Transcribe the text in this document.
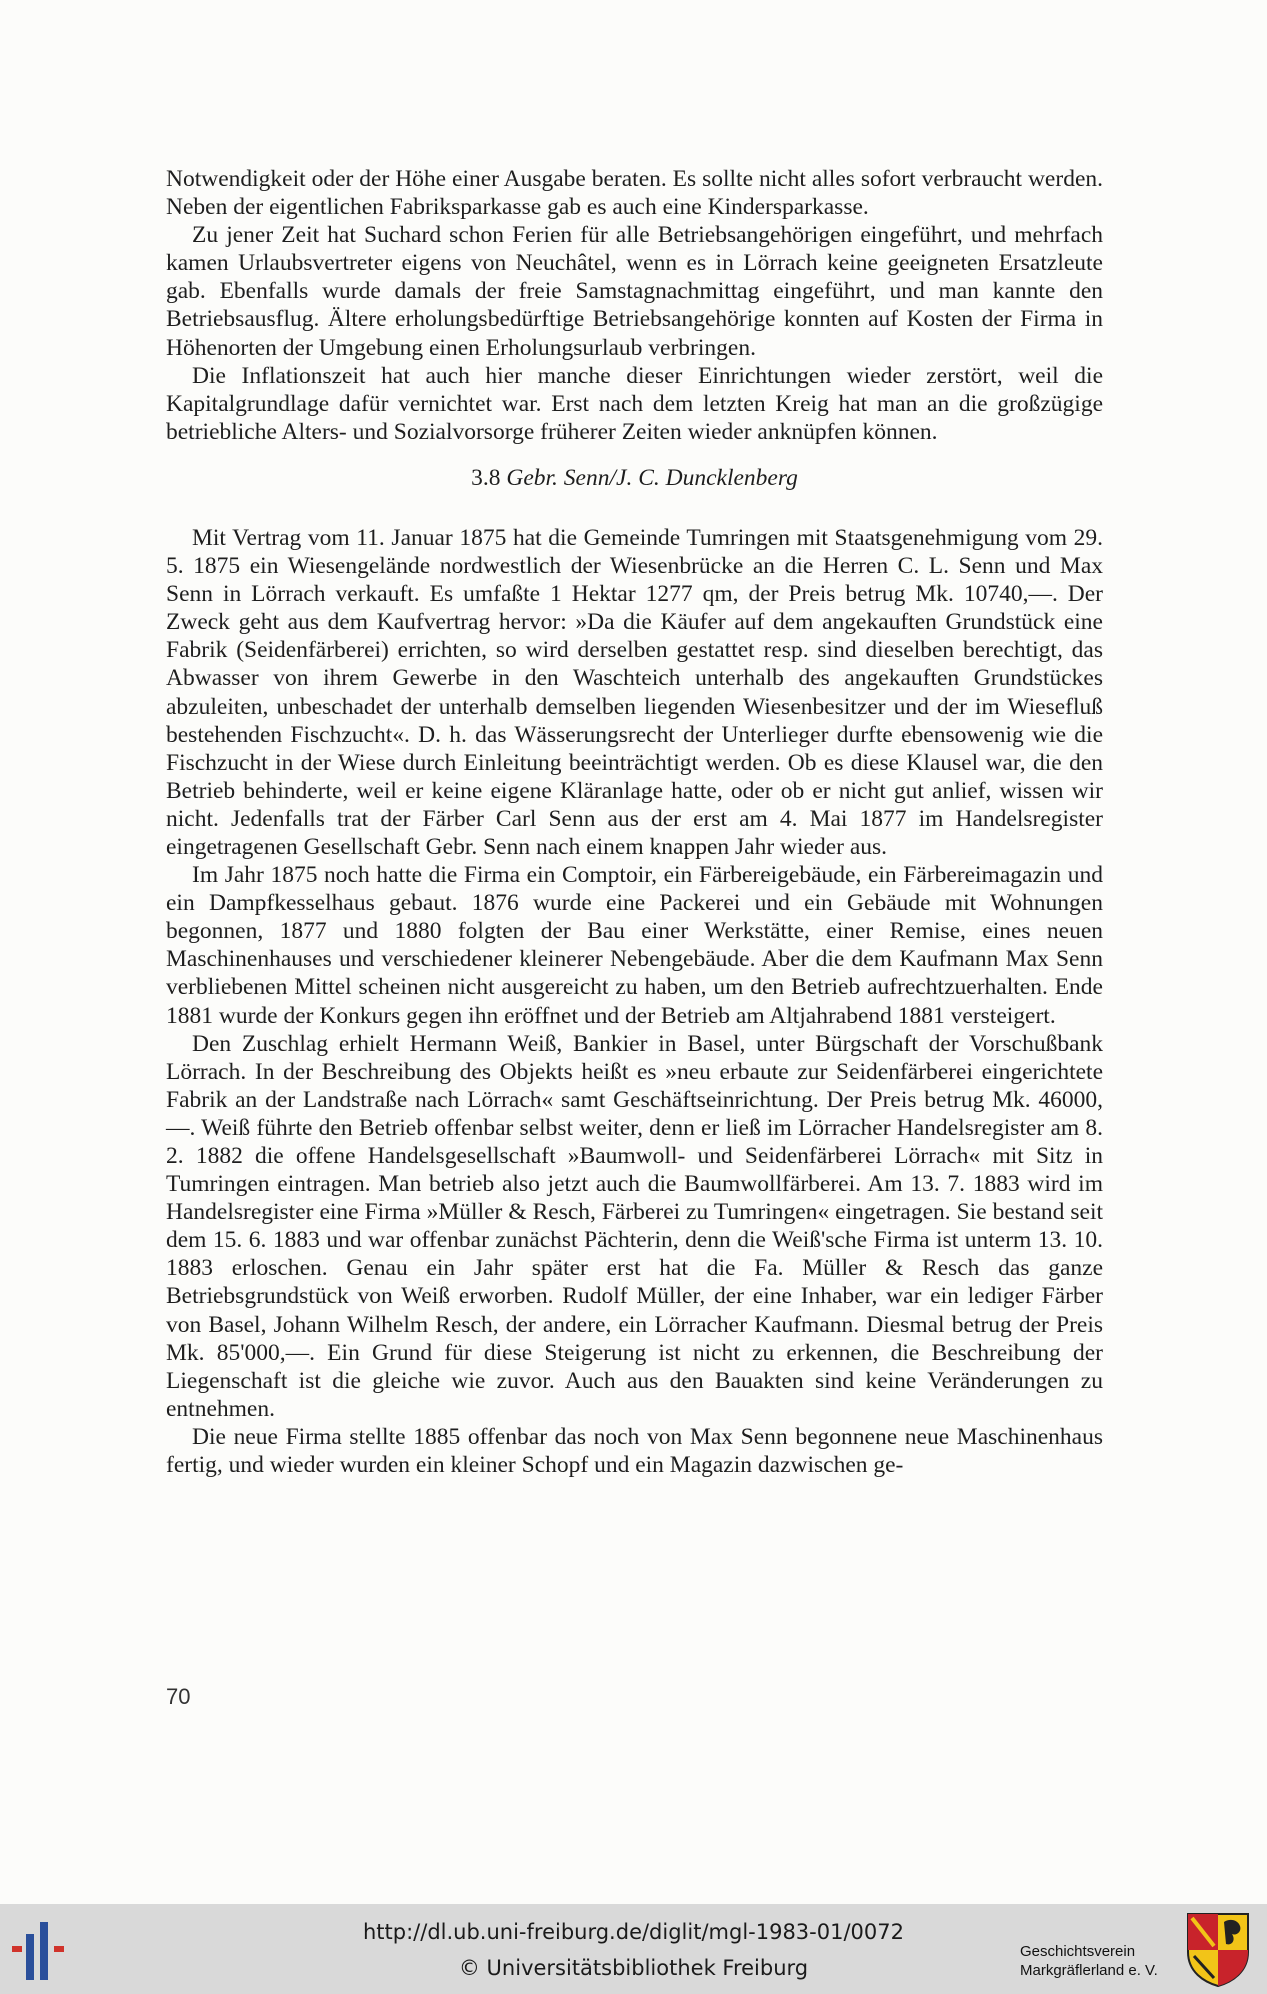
Notwendigkeit oder der Höhe einer Ausgabe beraten. Es sollte nicht alles sofort verbraucht werden. Neben der eigentlichen Fabriksparkasse gab es auch eine Kindersparkasse.

Zu jener Zeit hat Suchard schon Ferien für alle Betriebsangehörigen eingeführt, und mehrfach kamen Urlaubsvertreter eigens von Neuchâtel, wenn es in Lörrach keine geeigneten Ersatzleute gab. Ebenfalls wurde damals der freie Samstagnachmittag eingeführt, und man kannte den Betriebsausflug. Ältere erholungsbedürftige Betriebsangehörige konnten auf Kosten der Firma in Höhenorten der Umgebung einen Erholungsurlaub verbringen.

Die Inflationszeit hat auch hier manche dieser Einrichtungen wieder zerstört, weil die Kapitalgrundlage dafür vernichtet war. Erst nach dem letzten Kreig hat man an die großzügige betriebliche Alters- und Sozialvorsorge früherer Zeiten wieder anknüpfen können.

3.8 Gebr. Senn/J. C. Duncklenberg

Mit Vertrag vom 11. Januar 1875 hat die Gemeinde Tumringen mit Staatsgenehmigung vom 29. 5. 1875 ein Wiesengelände nordwestlich der Wiesenbrücke an die Herren C. L. Senn und Max Senn in Lörrach verkauft. Es umfaßte 1 Hektar 1277 qm, der Preis betrug Mk. 10740,—. Der Zweck geht aus dem Kaufvertrag hervor: »Da die Käufer auf dem angekauften Grundstück eine Fabrik (Seidenfärberei) errichten, so wird derselben gestattet resp. sind dieselben berechtigt, das Abwasser von ihrem Gewerbe in den Waschteich unterhalb des angekauften Grundstückes abzuleiten, unbeschadet der unterhalb demselben liegenden Wiesenbesitzer und der im Wiesefluß bestehenden Fischzucht«. D. h. das Wässerungsrecht der Unterlieger durfte ebensowenig wie die Fischzucht in der Wiese durch Einleitung beeinträchtigt werden. Ob es diese Klausel war, die den Betrieb behinderte, weil er keine eigene Kläranlage hatte, oder ob er nicht gut anlief, wissen wir nicht. Jedenfalls trat der Färber Carl Senn aus der erst am 4. Mai 1877 im Handelsregister eingetragenen Gesellschaft Gebr. Senn nach einem knappen Jahr wieder aus.

Im Jahr 1875 noch hatte die Firma ein Comptoir, ein Färbereigebäude, ein Färbereimagazin und ein Dampfkesselhaus gebaut. 1876 wurde eine Packerei und ein Gebäude mit Wohnungen begonnen, 1877 und 1880 folgten der Bau einer Werkstätte, einer Remise, eines neuen Maschinenhauses und verschiedener kleinerer Nebengebäude. Aber die dem Kaufmann Max Senn verbliebenen Mittel scheinen nicht ausgereicht zu haben, um den Betrieb aufrechtzuerhalten. Ende 1881 wurde der Konkurs gegen ihn eröffnet und der Betrieb am Altjahrabend 1881 versteigert.

Den Zuschlag erhielt Hermann Weiß, Bankier in Basel, unter Bürgschaft der Vorschußbank Lörrach. In der Beschreibung des Objekts heißt es »neu erbaute zur Seidenfärberei eingerichtete Fabrik an der Landstraße nach Lörrach« samt Geschäftseinrichtung. Der Preis betrug Mk. 46000,—. Weiß führte den Betrieb offenbar selbst weiter, denn er ließ im Lörracher Handelsregister am 8. 2. 1882 die offene Handelsgesellschaft »Baumwoll- und Seidenfärberei Lörrach« mit Sitz in Tumringen eintragen. Man betrieb also jetzt auch die Baumwollfärberei. Am 13. 7. 1883 wird im Handelsregister eine Firma »Müller & Resch, Färberei zu Tumringen« eingetragen. Sie bestand seit dem 15. 6. 1883 und war offenbar zunächst Pächterin, denn die Weiß'sche Firma ist unterm 13. 10. 1883 erloschen. Genau ein Jahr später erst hat die Fa. Müller & Resch das ganze Betriebsgrundstück von Weiß erworben. Rudolf Müller, der eine Inhaber, war ein lediger Färber von Basel, Johann Wilhelm Resch, der andere, ein Lörracher Kaufmann. Diesmal betrug der Preis Mk. 85'000,—. Ein Grund für diese Steigerung ist nicht zu erkennen, die Beschreibung der Liegenschaft ist die gleiche wie zuvor. Auch aus den Bauakten sind keine Veränderungen zu entnehmen.

Die neue Firma stellte 1885 offenbar das noch von Max Senn begonnene neue Maschinenhaus fertig, und wieder wurden ein kleiner Schopf und ein Magazin dazwischen ge-

70
http://dl.ub.uni-freiburg.de/diglit/mgl-1983-01/0072
© Universitätsbibliothek Freiburg
Geschichtsverein
Markgräflerland e. V.
